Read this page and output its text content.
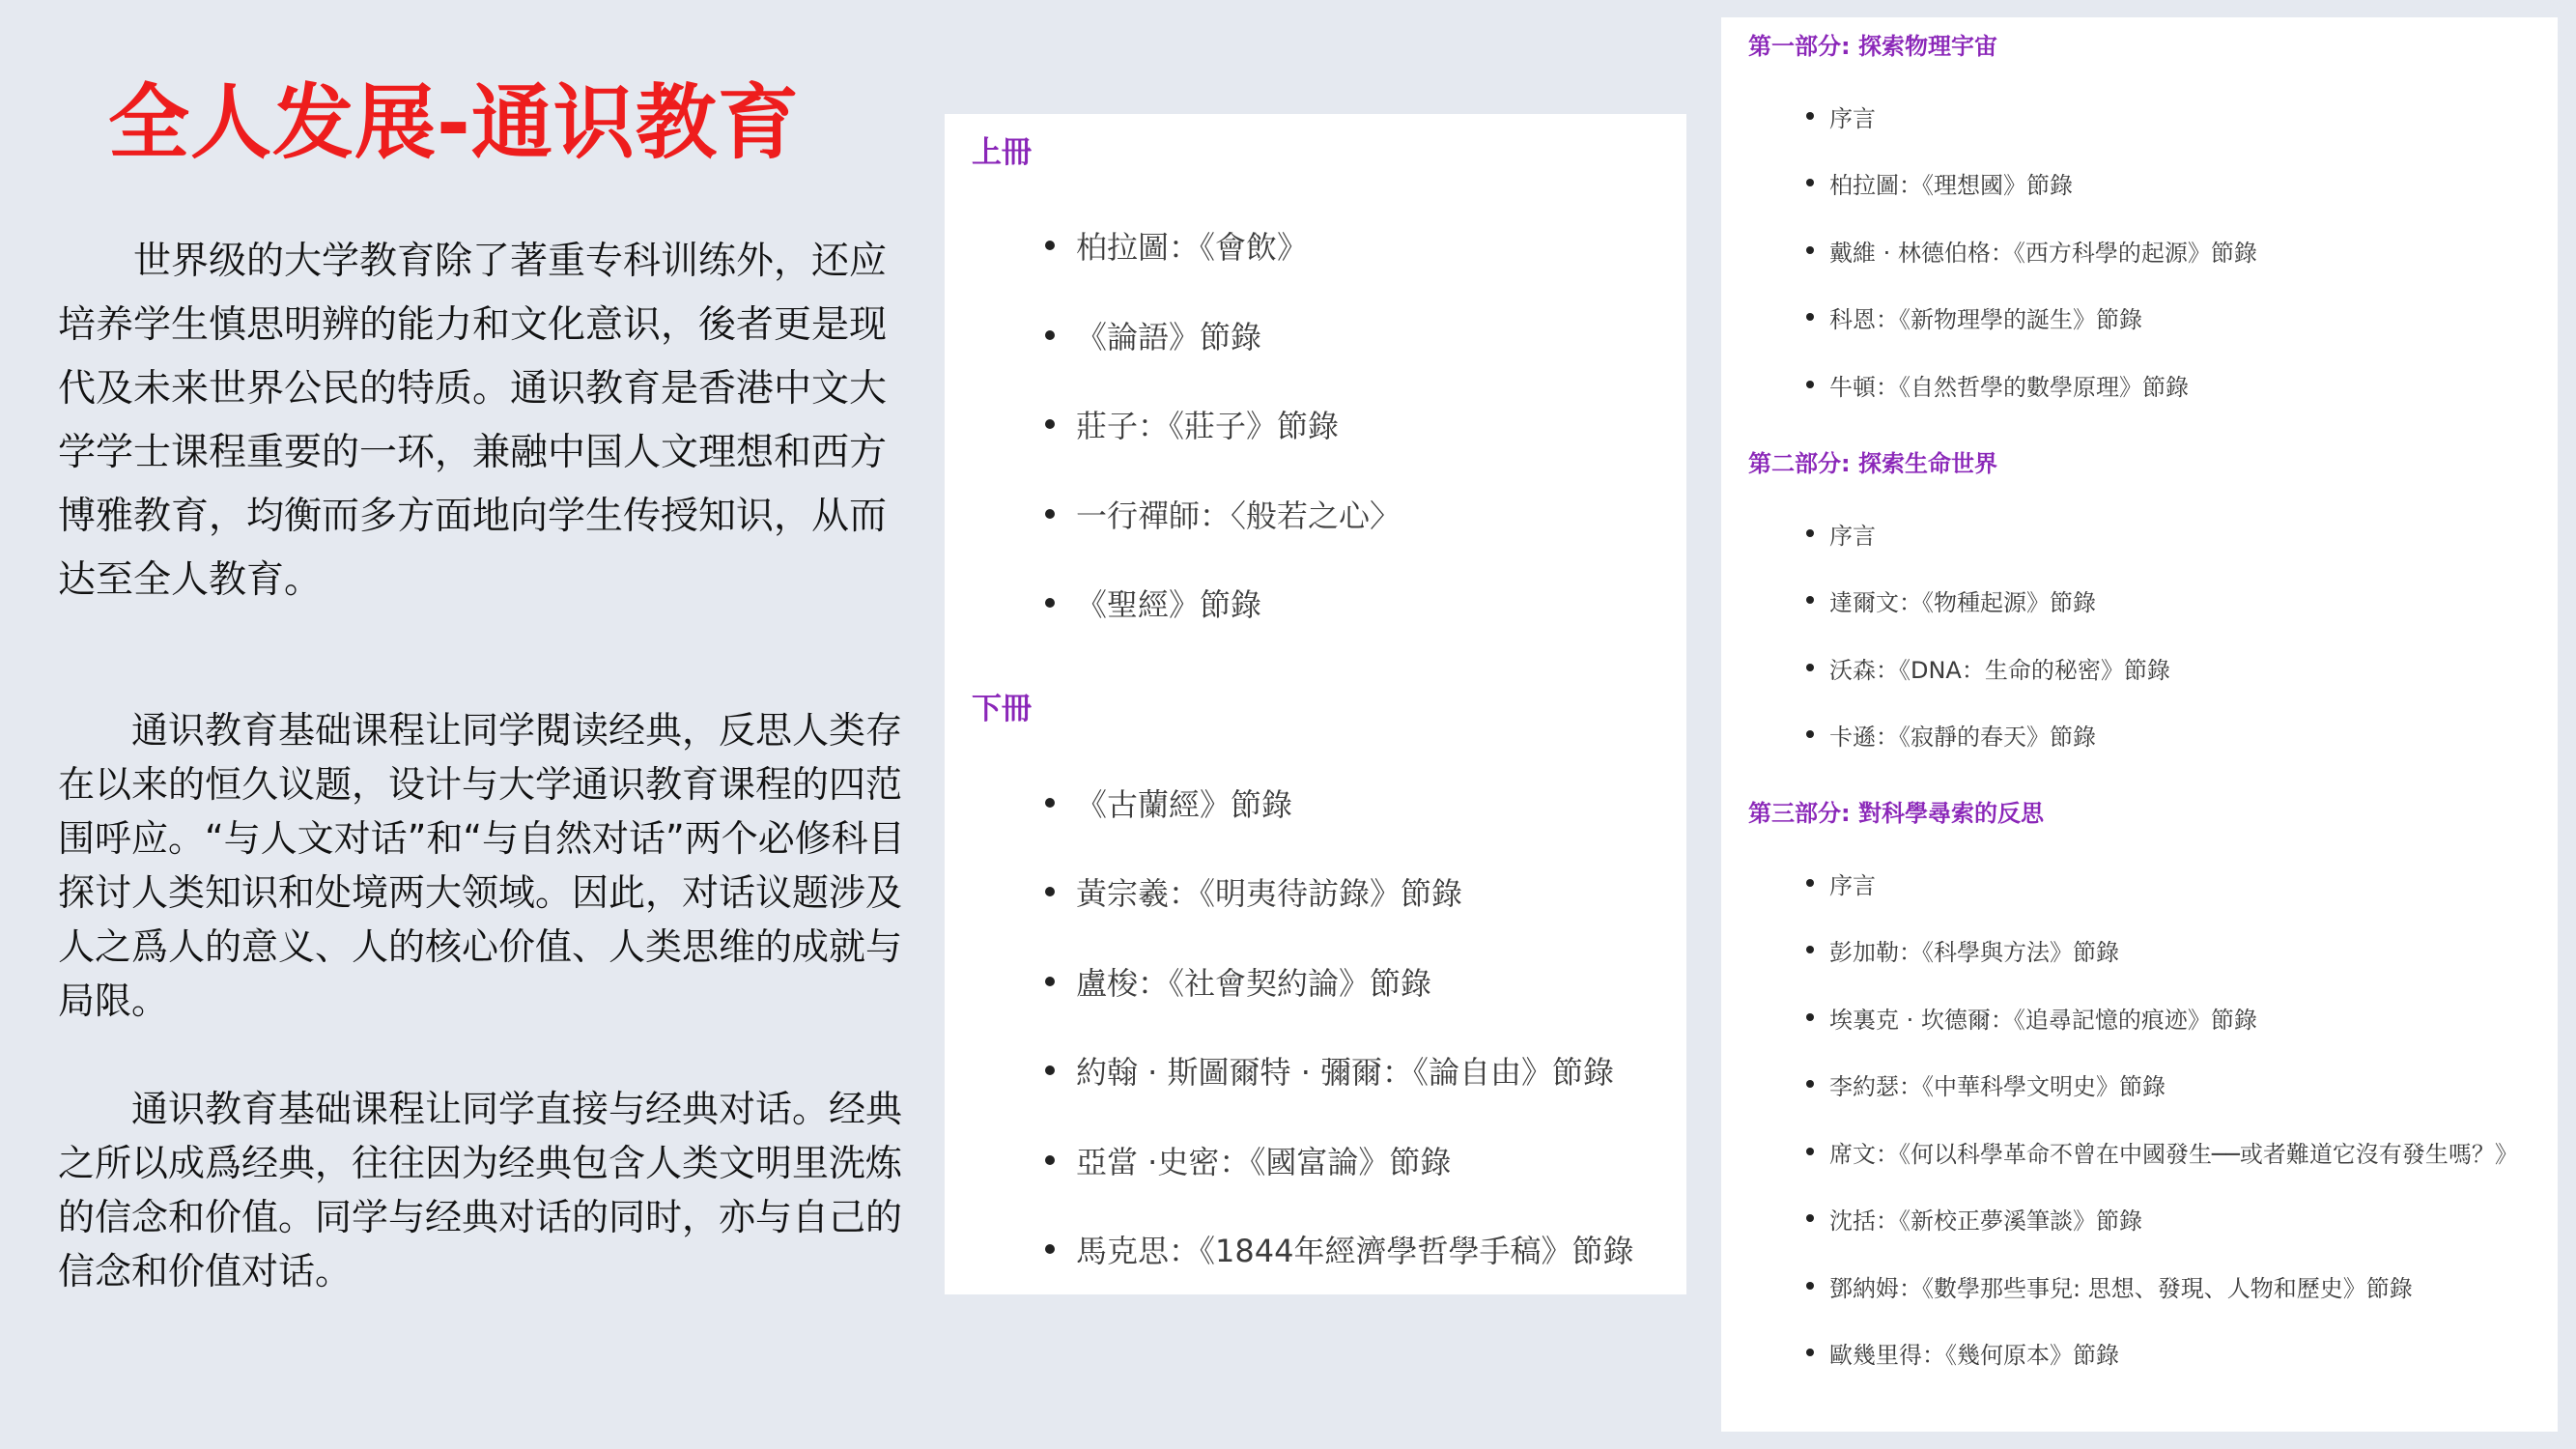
全人发展-通识教育

世界级的大学教育除了著重专科训练外，还应培养学生慎思明辨的能力和文化意识，後者更是现代及未来世界公民的特质。通识教育是香港中文大学学士课程重要的一环，兼融中国人文理想和西方博雅教育，均衡而多方面地向学生传授知识，从而达至全人教育。

通识教育基础课程让同学閱读经典，反思人类存在以来的恒久议题，设计与大学通识教育课程的四范围呼应。“与人文对话”和“与自然对话”两个必修科目探讨人类知识和处境两大领域。因此，对话议题涉及人之爲人的意义、人的核心价值、人类思维的成就与局限。

通识教育基础课程让同学直接与经典对话。经典之所以成爲经典，往往因为经典包含人类文明里洗炼的信念和价值。同学与经典对话的同时，亦与自己的信念和价值对话。

上冊
柏拉圖：《會飲》
《論語》節錄
莊子：《莊子》節錄
一行禪師：〈般若之心〉
《聖經》節錄
下冊
《古蘭經》節錄
黃宗羲：《明夷待訪錄》節錄
盧梭：《社會契約論》節錄
約翰 · 斯圖爾特 · 彌爾：《論自由》節錄
亞當 ·史密：《國富論》節錄
馬克思：《1844年經濟學哲學手稿》節錄
第一部分: 探索物理宇宙
序言
柏拉圖：《理想國》節錄
戴維 · 林德伯格：《西方科學的起源》節錄
科恩：《新物理學的誕生》節錄
牛頓：《自然哲學的數學原理》節錄
第二部分: 探索生命世界
序言
達爾文：《物種起源》節錄
沃森：《DNA：生命的秘密》節錄
卡遜：《寂靜的春天》節錄
第三部分: 對科學尋索的反思
序言
彭加勒：《科學與方法》節錄
埃裏克 · 坎德爾：《追尋記憶的痕迹》節錄
李約瑟：《中華科學文明史》節錄
席文：《何以科學革命不曾在中國發生──或者難道它沒有發生嗎？》
沈括：《新校正夢溪筆談》節錄
鄧納姆：《數學那些事兒: 思想、發現、人物和歷史》節錄
歐幾里得：《幾何原本》節錄
